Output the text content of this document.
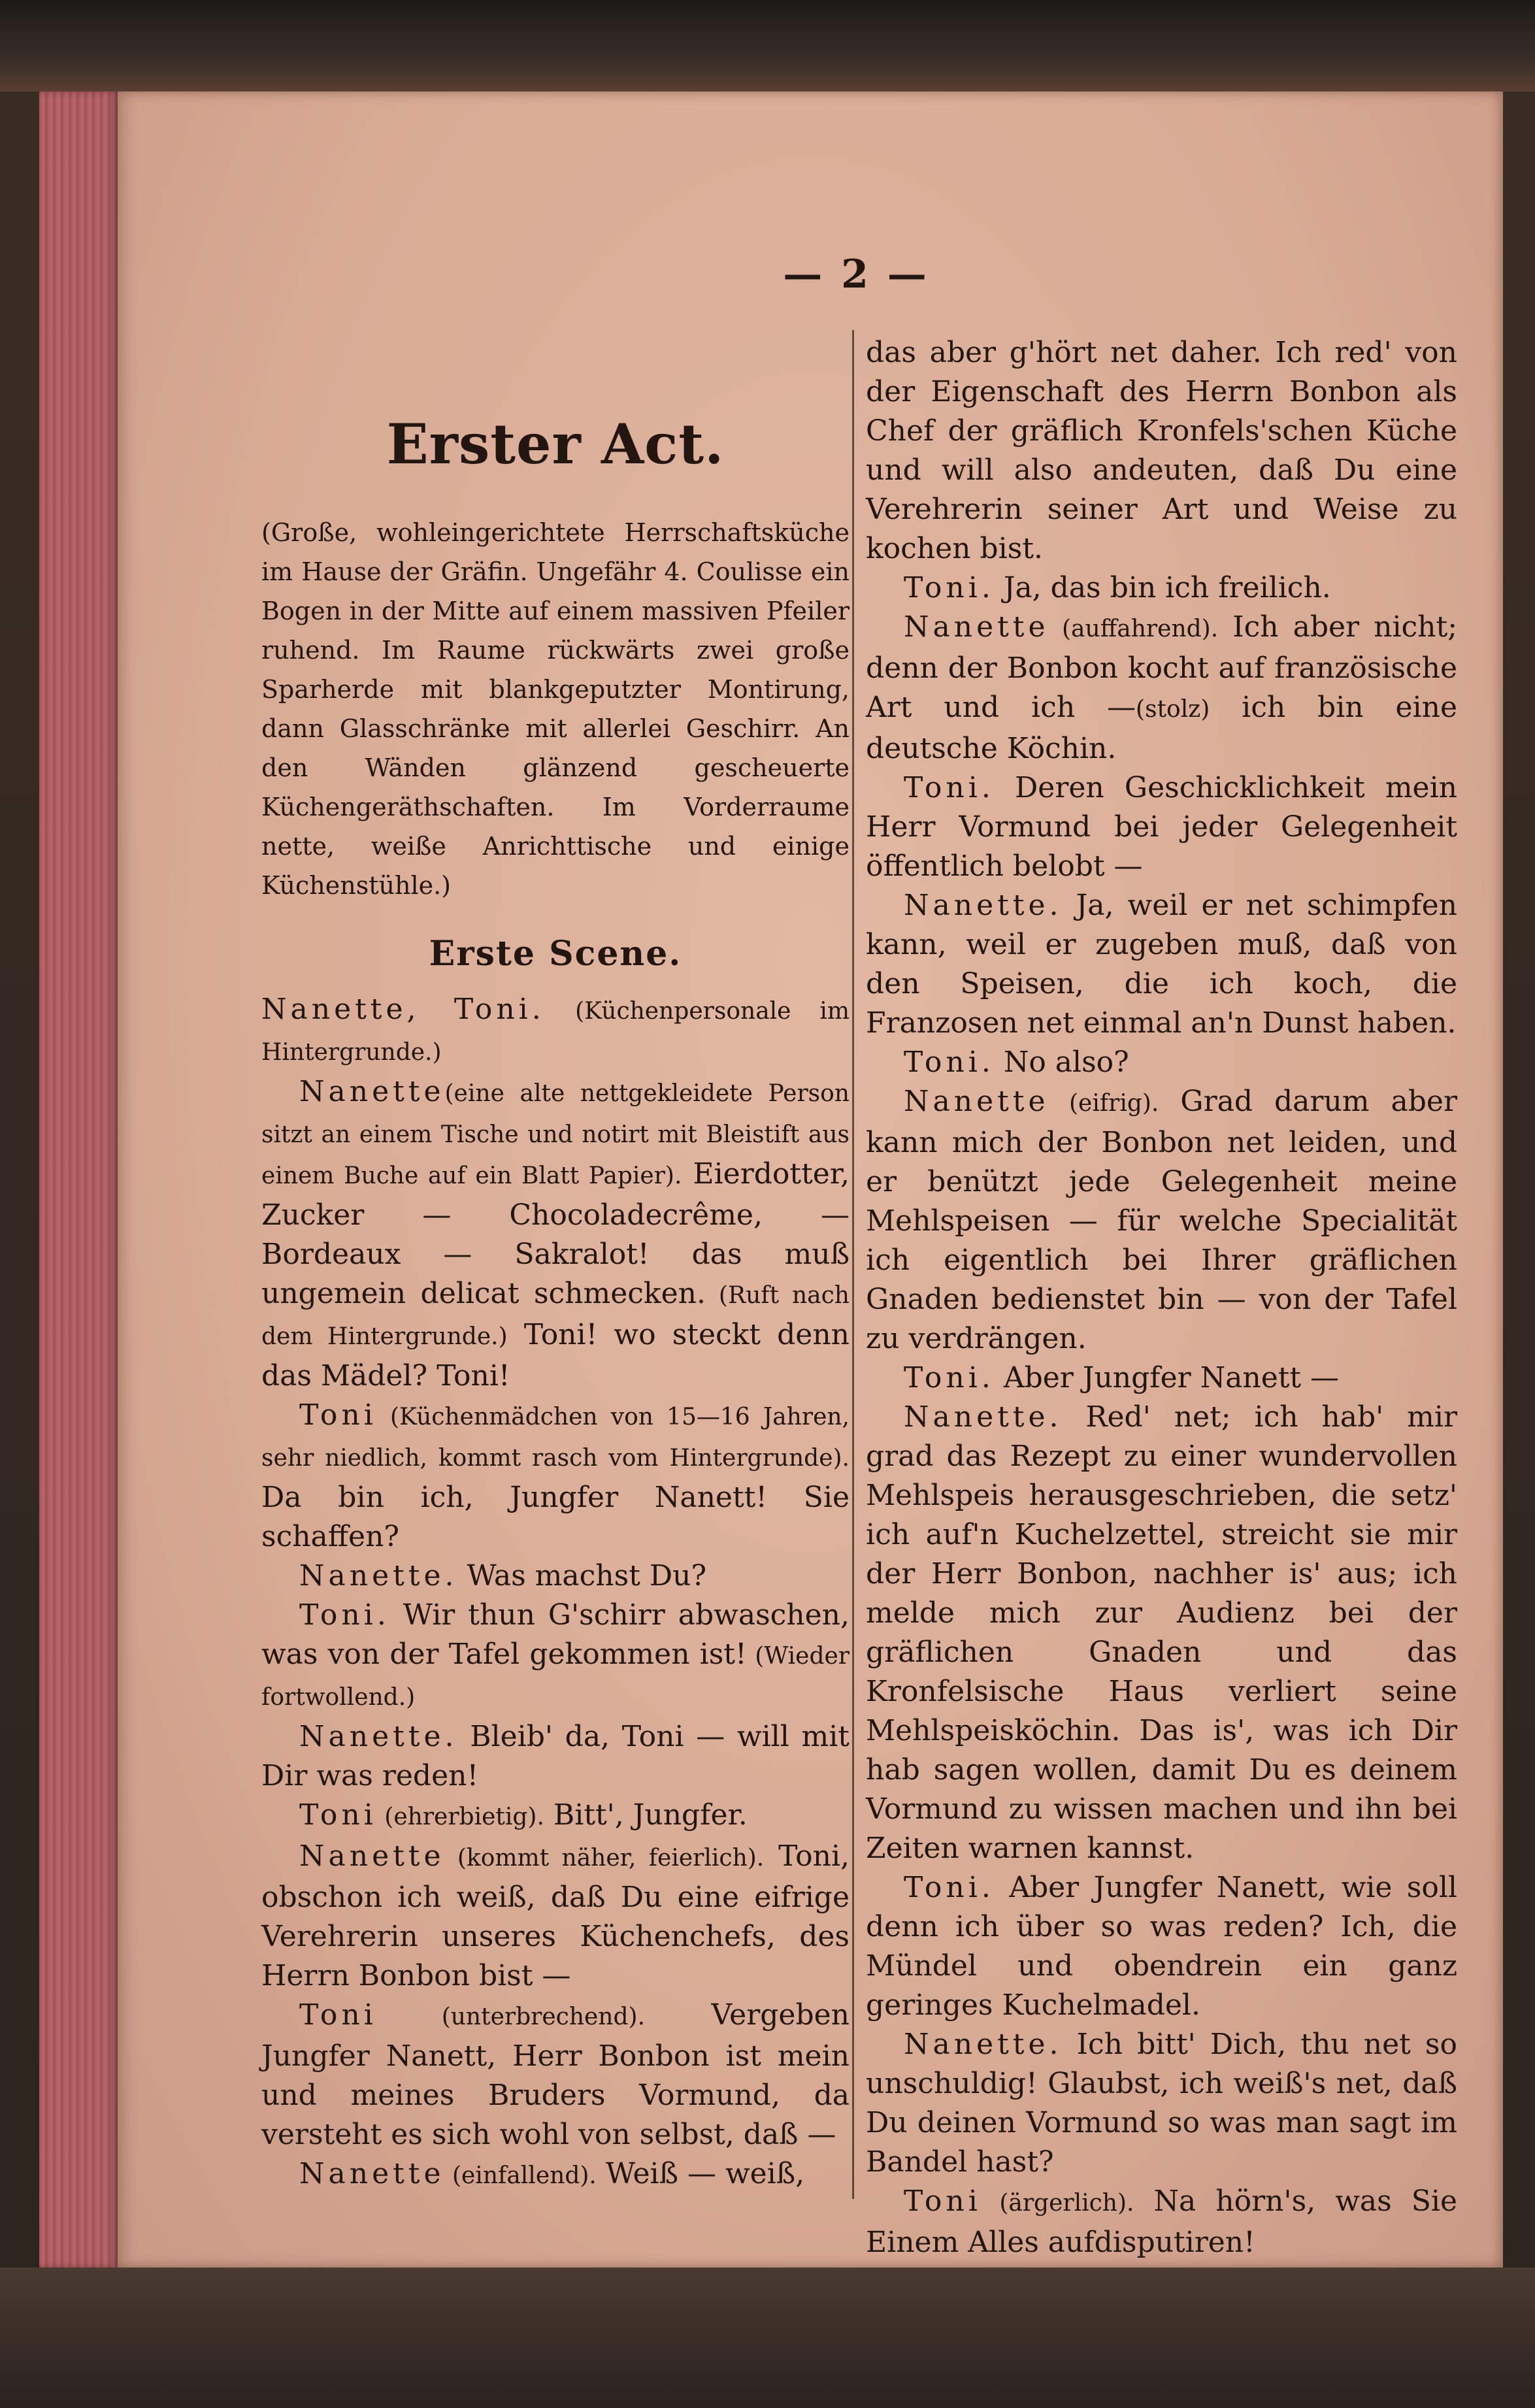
— 2 —
Erster Act.

(Große, wohleingerichtete Herrschaftsküche im Hause der Gräfin. Ungefähr 4. Coulisse ein Bogen in der Mitte auf einem massiven Pfeiler ruhend. Im Raume rückwärts zwei große Sparherde mit blankgeputzter Montirung, dann Glasschränke mit allerlei Geschirr. An den Wänden glänzend gescheuerte Küchengeräthschaften. Im Vorderraume nette, weiße Anrichttische und einige Küchenstühle.)

Erste Scene.

Nanette, Toni. (Küchenpersonale im Hintergrunde.)

Nanette(eine alte nettgekleidete Person sitzt an einem Tische und notirt mit Bleistift aus einem Buche auf ein Blatt Papier). Eierdotter, Zucker — Chocoladecrême, — Bordeaux — Sakralot! das muß ungemein delicat schmecken. (Ruft nach dem Hintergrunde.) Toni! wo steckt denn das Mädel? Toni!

Toni (Küchenmädchen von 15—16 Jahren, sehr niedlich, kommt rasch vom Hintergrunde). Da bin ich, Jungfer Nanett! Sie schaffen?

Nanette. Was machst Du?

Toni. Wir thun G'schirr abwaschen, was von der Tafel gekommen ist! (Wieder fortwollend.)

Nanette. Bleib' da, Toni — will mit Dir was reden!

Toni (ehrerbietig). Bitt', Jungfer.

Nanette (kommt näher, feierlich). Toni, obschon ich weiß, daß Du eine eifrige Verehrerin unseres Küchenchefs, des Herrn Bonbon bist —

Toni (unterbrechend). Vergeben Jungfer Nanett, Herr Bonbon ist mein und meines Bruders Vormund, da versteht es sich wohl von selbst, daß —

Nanette (einfallend). Weiß — weiß,

das aber g'hört net daher. Ich red' von der Eigenschaft des Herrn Bonbon als Chef der gräflich Kronfels'schen Küche und will also andeuten, daß Du eine Verehrerin seiner Art und Weise zu kochen bist.

Toni. Ja, das bin ich freilich.

Nanette (auffahrend). Ich aber nicht; denn der Bonbon kocht auf französische Art und ich —(stolz) ich bin eine deutsche Köchin.

Toni. Deren Geschicklichkeit mein Herr Vormund bei jeder Gelegenheit öffentlich belobt —

Nanette. Ja, weil er net schimpfen kann, weil er zugeben muß, daß von den Speisen, die ich koch, die Franzosen net einmal an'n Dunst haben.

Toni. No also?

Nanette (eifrig). Grad darum aber kann mich der Bonbon net leiden, und er benützt jede Gelegenheit meine Mehlspeisen — für welche Specialität ich eigentlich bei Ihrer gräflichen Gnaden bedienstet bin — von der Tafel zu verdrängen.

Toni. Aber Jungfer Nanett —

Nanette. Red' net; ich hab' mir grad das Rezept zu einer wundervollen Mehlspeis herausgeschrieben, die setz' ich auf'n Kuchelzettel, streicht sie mir der Herr Bonbon, nachher is' aus; ich melde mich zur Audienz bei der gräflichen Gnaden und das Kronfelsische Haus verliert seine Mehlspeisköchin. Das is', was ich Dir hab sagen wollen, damit Du es deinem Vormund zu wissen machen und ihn bei Zeiten warnen kannst.

Toni. Aber Jungfer Nanett, wie soll denn ich über so was reden? Ich, die Mündel und obendrein ein ganz geringes Kuchelmadel.

Nanette. Ich bitt' Dich, thu net so unschuldig! Glaubst, ich weiß's net, daß Du deinen Vormund so was man sagt im Bandel hast?

Toni (ärgerlich). Na hörn's, was Sie Einem Alles aufdisputiren!
